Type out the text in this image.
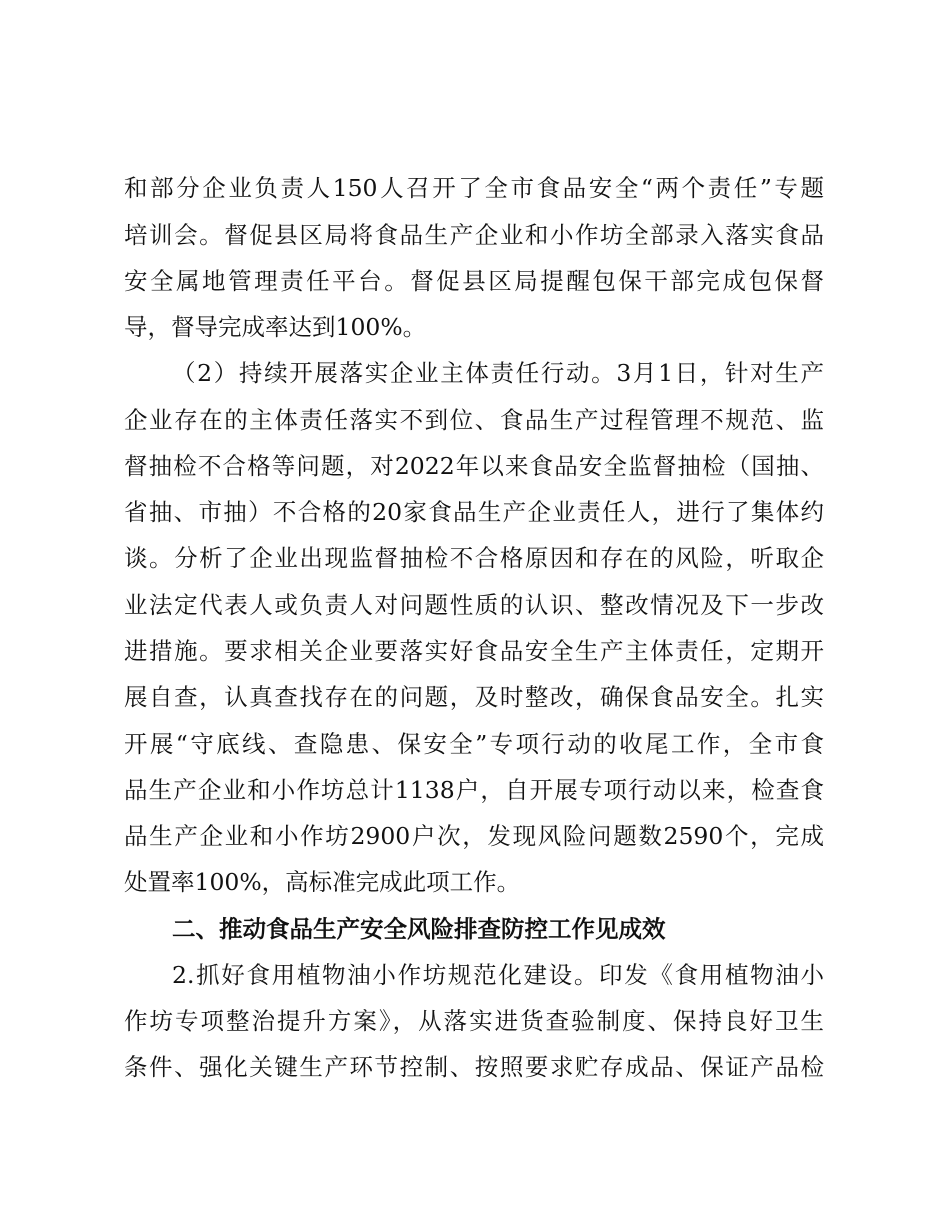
和部分企业负责人150人召开了全市食品安全“两个责任”专题
培训会。督促县区局将食品生产企业和小作坊全部录入落实食品
安全属地管理责任平台。督促县区局提醒包保干部完成包保督
导，督导完成率达到100%。
（2）持续开展落实企业主体责任行动。3月1日，针对生产
企业存在的主体责任落实不到位、食品生产过程管理不规范、监
督抽检不合格等问题，对2022年以来食品安全监督抽检（国抽、
省抽、市抽）不合格的20家食品生产企业责任人，进行了集体约
谈。分析了企业出现监督抽检不合格原因和存在的风险，听取企
业法定代表人或负责人对问题性质的认识、整改情况及下一步改
进措施。要求相关企业要落实好食品安全生产主体责任，定期开
展自查，认真查找存在的问题，及时整改，确保食品安全。扎实
开展“守底线、查隐患、保安全”专项行动的收尾工作，全市食
品生产企业和小作坊总计1138户，自开展专项行动以来，检查食
品生产企业和小作坊2900户次，发现风险问题数2590个，完成
处置率100%，高标准完成此项工作。
二、推动食品生产安全风险排查防控工作见成效
2.抓好食用植物油小作坊规范化建设。印发《食用植物油小
作坊专项整治提升方案》，从落实进货查验制度、保持良好卫生
条件、强化关键生产环节控制、按照要求贮存成品、保证产品检
